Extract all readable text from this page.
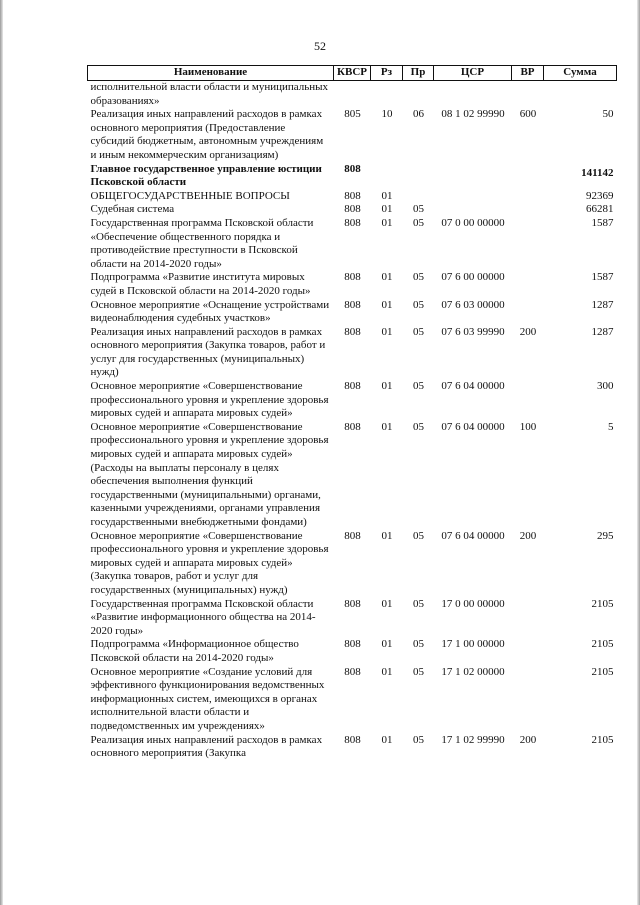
52
Наименование	КВСР	Рз	Пр	ЦСР	ВР	Сумма
исполнительной власти области и муниципальных образованиях»						
Реализация иных направлений расходов в рамках основного мероприятия (Предоставление субсидий бюджетным, автономным учреждениям и иным некоммерческим организациям)	805	10	06	08 1 02 99990	600	50
Главное государственное управление юстиции Псковской области	808					141142
ОБЩЕГОСУДАРСТВЕННЫЕ ВОПРОСЫ	808	01				92369
Судебная система	808	01	05			66281
Государственная программа Псковской области «Обеспечение общественного порядка и противодействие преступности в Псковской области на 2014-2020 годы»	808	01	05	07 0 00 00000		1587
Подпрограмма «Развитие института мировых судей в Псковской области на 2014-2020 годы»	808	01	05	07 6 00 00000		1587
Основное мероприятие «Оснащение устройствами видеонаблюдения судебных участков»	808	01	05	07 6 03 00000		1287
Реализация иных направлений расходов в рамках основного мероприятия (Закупка товаров, работ и услуг для государственных (муниципальных) нужд)	808	01	05	07 6 03 99990	200	1287
Основное мероприятие «Совершенствование профессионального уровня и укрепление здоровья мировых судей и аппарата мировых судей»	808	01	05	07 6 04 00000		300
Основное мероприятие «Совершенствование профессионального уровня и укрепление здоровья мировых судей и аппарата мировых судей» (Расходы на выплаты персоналу в целях обеспечения выполнения функций государственными (муниципальными) органами, казенными учреждениями, органами управления государственными внебюджетными фондами)	808	01	05	07 6 04 00000	100	5
Основное мероприятие «Совершенствование профессионального уровня и укрепление здоровья мировых судей и аппарата мировых судей» (Закупка товаров, работ и услуг для государственных (муниципальных) нужд)	808	01	05	07 6 04 00000	200	295
Государственная программа Псковской области «Развитие информационного общества на 2014-2020 годы»	808	01	05	17 0 00 00000		2105
Подпрограмма «Информационное общество Псковской области на 2014-2020 годы»	808	01	05	17 1 00 00000		2105
Основное мероприятие «Создание условий для эффективного функционирования ведомственных информационных систем, имеющихся в органах исполнительной власти области и подведомственных им учреждениях»	808	01	05	17 1 02 00000		2105
Реализация иных направлений расходов в рамках основного мероприятия (Закупка	808	01	05	17 1 02 99990	200	2105
